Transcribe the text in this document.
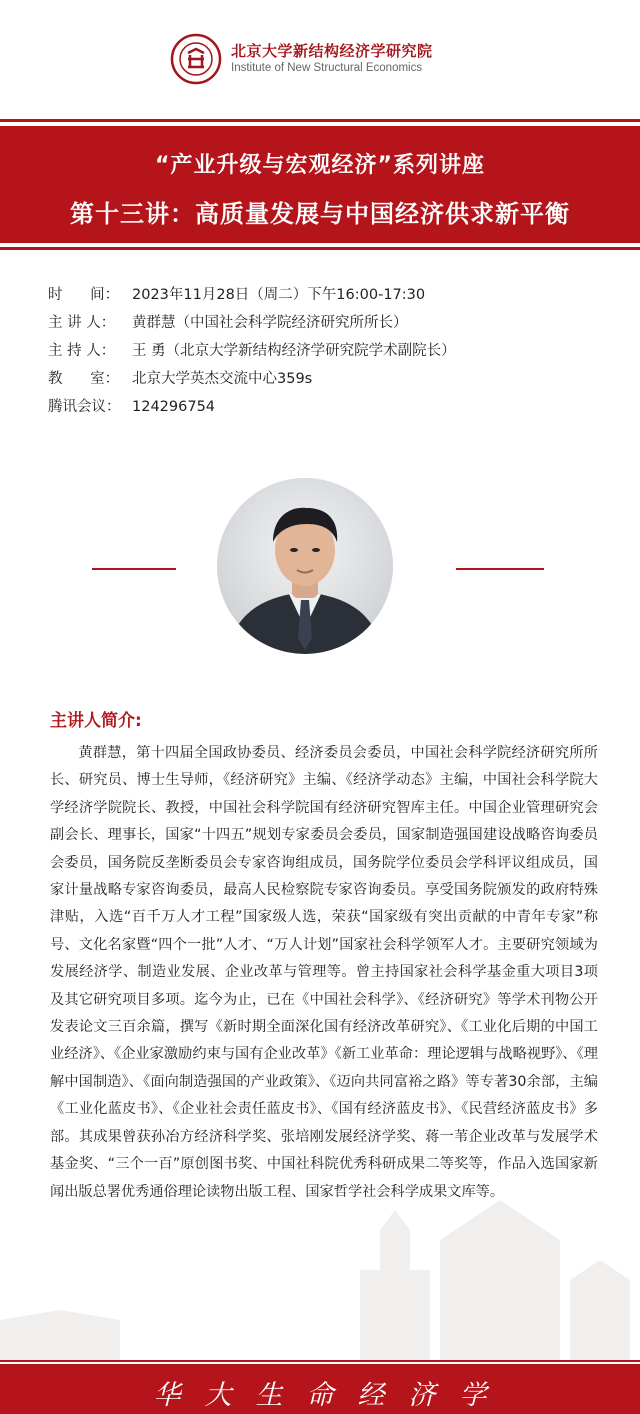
北京大学新结构经济学研究院
Institute of New Structural Economics
“产业升级与宏观经济”系列讲座
第十三讲：高质量发展与中国经济供求新平衡
时      间： 2023年11月28日（周二）下午16:00-17:30
主 讲 人： 黄群慧（中国社会科学院经济研究所所长）
主 持 人： 王 勇（北京大学新结构经济学研究院学术副院长）
教      室： 北京大学英杰交流中心359s
腾讯会议： 124296754
主讲人简介:
黄群慧，第十四届全国政协委员、经济委员会委员，中国社会科学院经济研究所所长、研究员、博士生导师，《经济研究》主编、《经济学动态》主编，中国社会科学院大学经济学院院长、教授，中国社会科学院国有经济研究智库主任。中国企业管理研究会副会长、理事长，国家“十四五”规划专家委员会委员，国家制造强国建设战略咨询委员会委员，国务院反垄断委员会专家咨询组成员，国务院学位委员会学科评议组成员，国家计量战略专家咨询委员，最高人民检察院专家咨询委员。享受国务院颁发的政府特殊津贴，入选“百千万人才工程”国家级人选，荣获“国家级有突出贡献的中青年专家”称号、文化名家暨“四个一批”人才、“万人计划”国家社会科学领军人才。主要研究领域为发展经济学、制造业发展、企业改革与管理等。曾主持国家社会科学基金重大项目3项及其它研究项目多项。迄今为止，已在《中国社会科学》、《经济研究》等学术刊物公开发表论文三百余篇，撰写《新时期全面深化国有经济改革研究》、《工业化后期的中国工业经济》、《企业家激励约束与国有企业改革》《新工业革命：理论逻辑与战略视野》、《理解中国制造》、《面向制造强国的产业政策》、《迈向共同富裕之路》等专著30余部，主编《工业化蓝皮书》、《企业社会责任蓝皮书》、《国有经济蓝皮书》、《民营经济蓝皮书》多部。其成果曾获孙冶方经济科学奖、张培刚发展经济学奖、蒋一苇企业改革与发展学术基金奖、“三个一百”原创图书奖、中国社科院优秀科研成果二等奖等，作品入选国家新闻出版总署优秀通俗理论读物出版工程、国家哲学社会科学成果文库等。
华大生命经济学
